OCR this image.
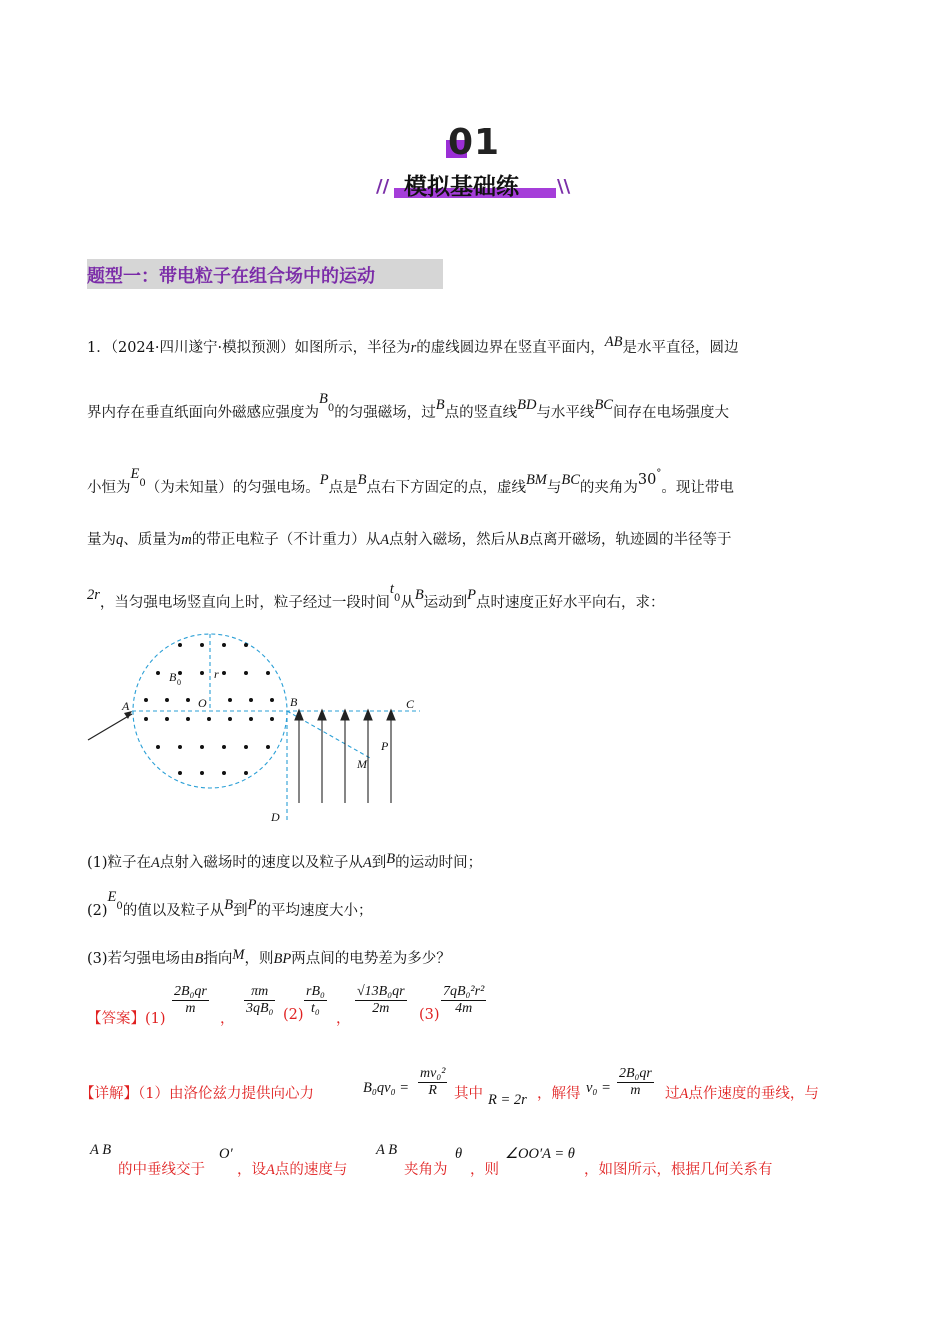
01
// 模拟基础练 \\
题型一：带电粒子在组合场中的运动
1．（2024·四川遂宁·模拟预测）如图所示，半径为r的虚线圆边界在竖直平面内，AB是水平直径，圆边
界内存在垂直纸面向外磁感应强度为$B_0$的匀强磁场，过B点的竖直线BD与水平线BC间存在电场强度大
小恒为$E_0$（为未知量）的匀强电场。P点是B点右下方固定的点，虚线BM与BC的夹角为30°。现让带电
量为q、质量为m的带正电粒子（不计重力）从A点射入磁场，然后从B点离开磁场，轨迹圆的半径等于
2r，当匀强电场竖直向上时，粒子经过一段时间$t_0$从B运动到P点时速度正好水平向右，求：
A	O	B	C
D
M
P
r
B 0
(1)粒子在A点射入磁场时的速度以及粒子从A到B的运动时间；
$(2)E_0$的值以及粒子从B到P的平均速度大小；
(3)若匀强电场由B指向M，则BP两点间的电势差为多少？
【答案】(1)
$\frac{\text{2B₀qr}}{m}$
，
$\frac{\pi m}{\text{3qB₀}} (2) \frac{\text{rB₀}}{\text{t₀}}$
，
$\frac{\text{√13B₀qr}}{2m} (3) \frac{\text{7qB₀²r²}}{4m}$
【详解】（1）由洛伦兹力提供向心力	$B_0qv_0 = \frac{\text{mv₀²}}{R}$ 其中 R = 2r ，解得 $v_0 = \frac{\text{2B₀qr}}{m}$ 过A点作速度的垂线，与
A B
的中垂线交于
O′
，设A点的速度与
A B
夹角为
θ
，则
∠OO′A = θ
，如图所示，根据几何关系有
